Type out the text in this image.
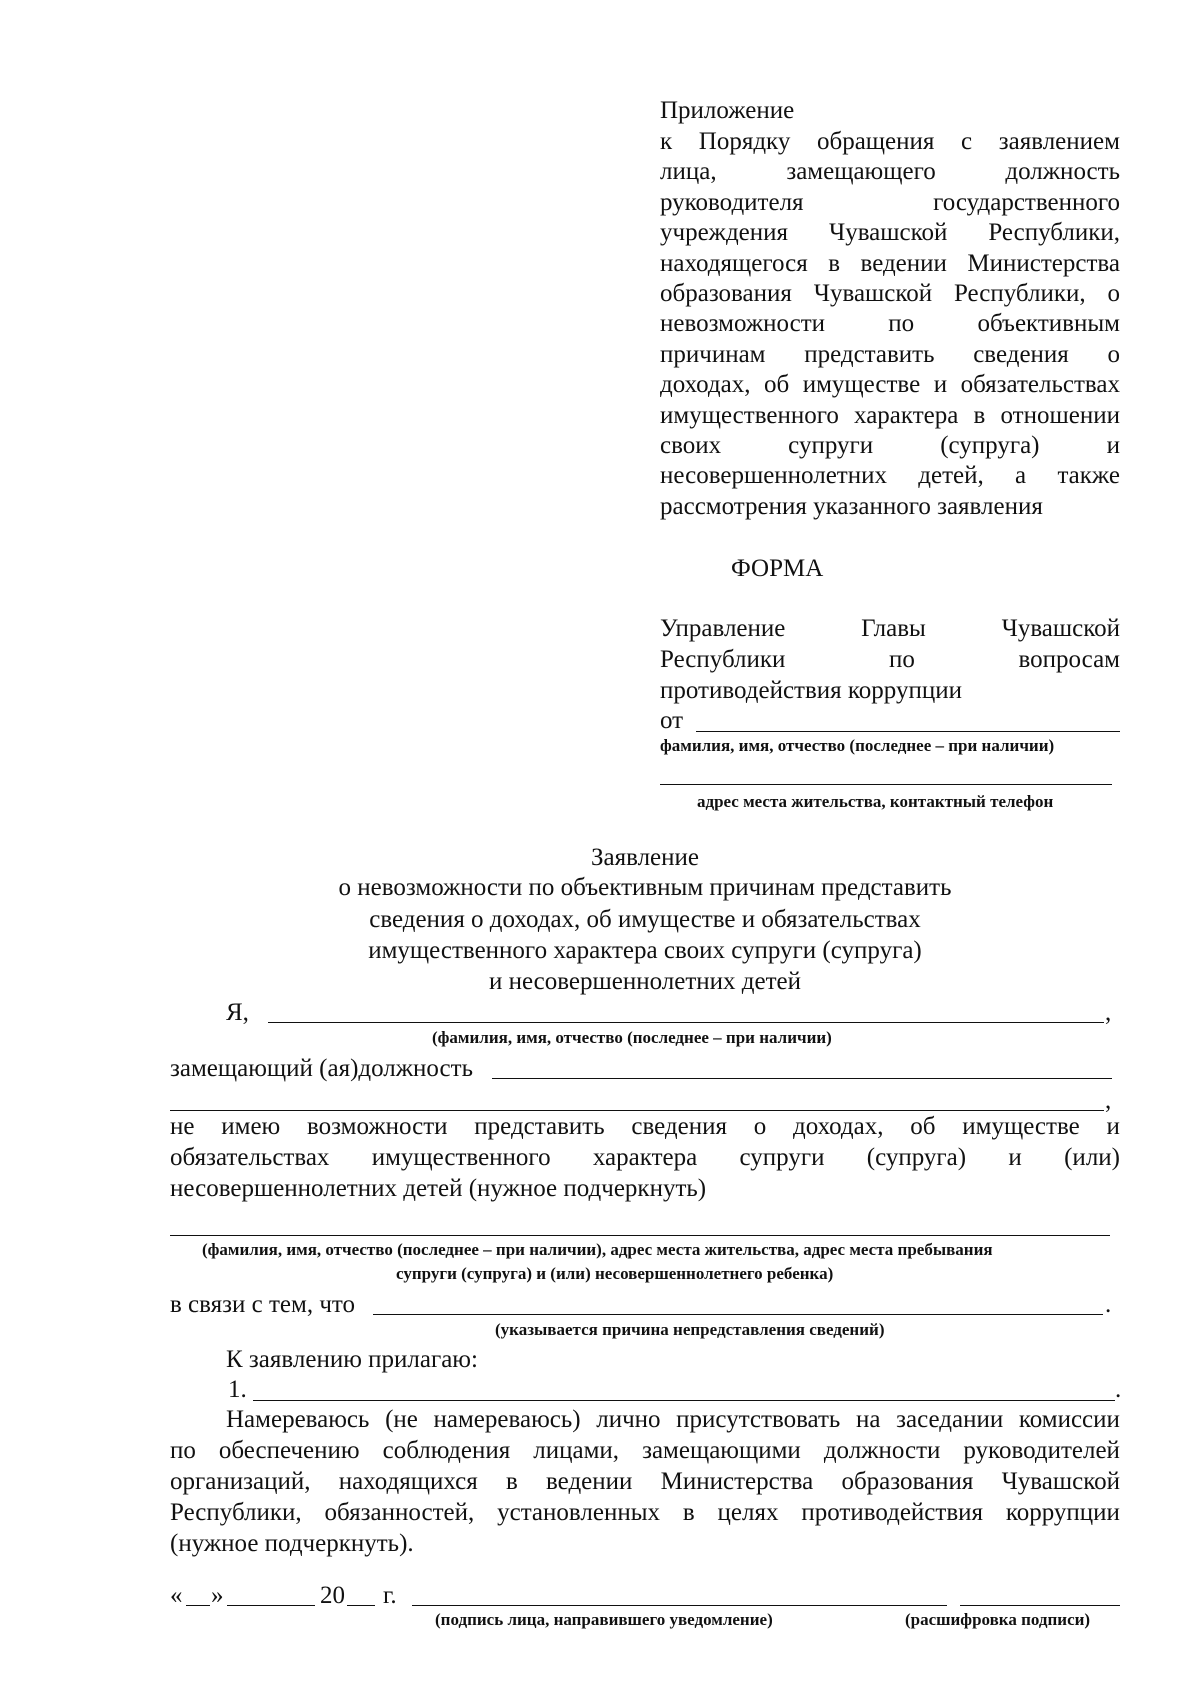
Приложение
к Порядку обращения с заявлением
лица,	замещающего	должность
руководителя	государственного
учреждения Чувашской Республики,
находящегося в ведении Министерства
образования Чувашской Республики, о
невозможности	по	объективным
причинам представить сведения о
доходах, об имуществе и обязательствах
имущественного характера в отношении
своих	супруги	(супруга)	и
несовершеннолетних детей, а также
рассмотрения указанного заявления
ФОРМА
Управление	Главы	Чувашской
Республики	по	вопросам
противодействия коррупции
от
фамилия, имя, отчество (последнее – при наличии)
адрес места жительства, контактный телефон
Заявление
о невозможности по объективным причинам представить
сведения о доходах, об имуществе и обязательствах
имущественного характера своих супруги (супруга)
и несовершеннолетних детей
Я,	,
(фамилия, имя, отчество (последнее – при наличии)
замещающий (ая)должность
,
не имею возможности представить сведения о доходах, об имуществе и
обязательствах имущественного характера супруги (супруга) и (или)
несовершеннолетних детей (нужное подчеркнуть)
(фамилия, имя, отчество (последнее – при наличии), адрес места жительства, адрес места пребывания
супруги (супруга) и (или) несовершеннолетнего ребенка)
в связи с тем, что	.
(указывается причина непредставления сведений)
К заявлению прилагаю:
1.	.
Намереваюсь (не намереваюсь) лично присутствовать на заседании комиссии
по обеспечению соблюдения лицами, замещающими должности руководителей
организаций, находящихся в ведении Министерства образования Чувашской
Республики, обязанностей, установленных в целях противодействия коррупции
(нужное подчеркнуть).
« »	20 г.
(подпись лица, направившего уведомление)	(расшифровка подписи)
